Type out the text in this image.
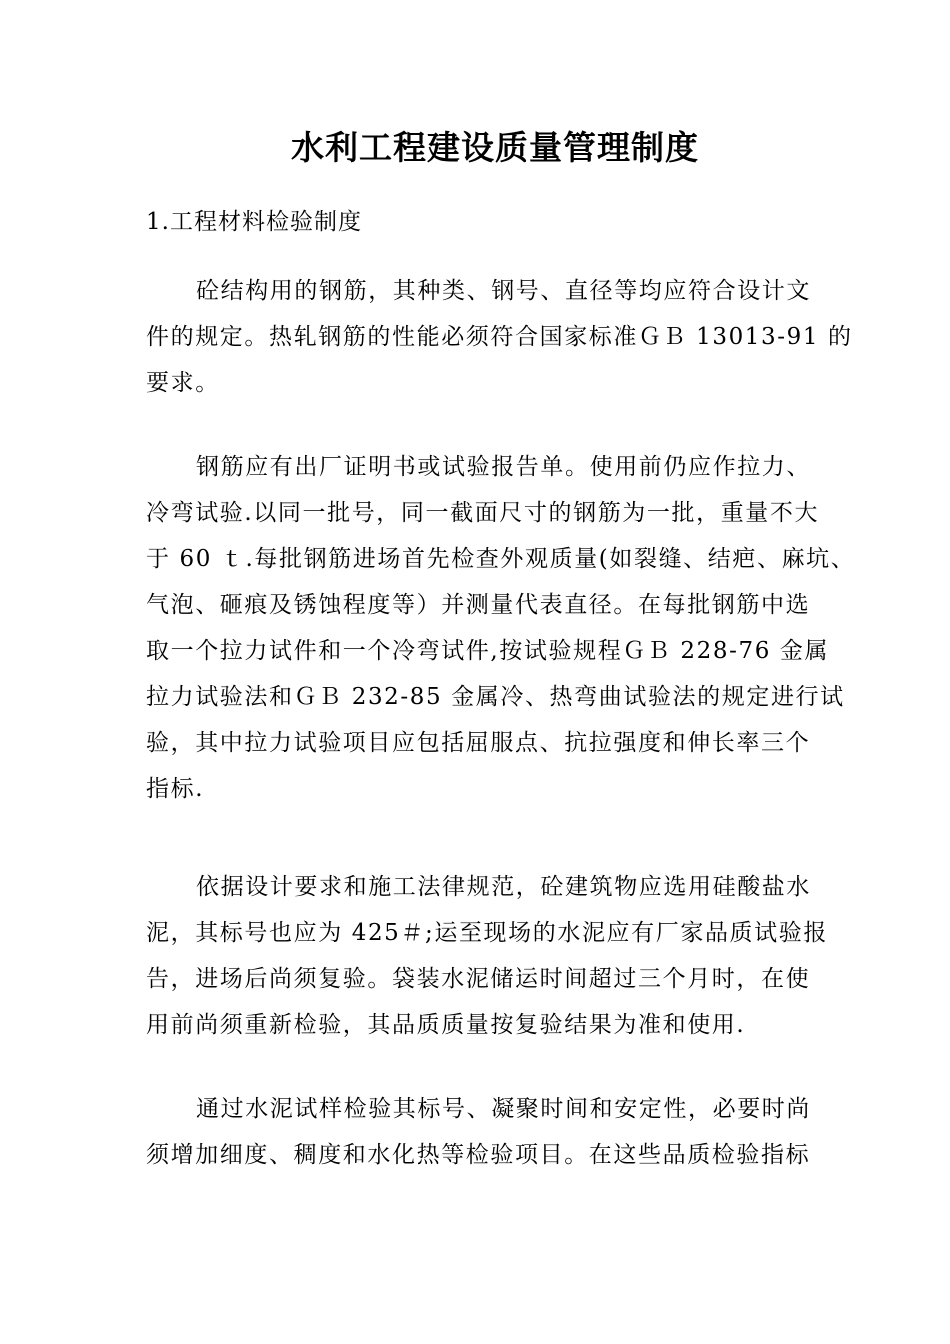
水利工程建设质量管理制度

1.工程材料检验制度

砼结构用的钢筋，其种类、钢号、直径等均应符合设计文
件的规定。热轧钢筋的性能必须符合国家标准ＧＢ 13013-91 的
要求。

钢筋应有出厂证明书或试验报告单。使用前仍应作拉力、
冷弯试验.以同一批号，同一截面尺寸的钢筋为一批，重量不大
于 60 ｔ.每批钢筋进场首先检查外观质量(如裂缝、结疤、麻坑、
气泡、砸痕及锈蚀程度等）并测量代表直径。在每批钢筋中选
取一个拉力试件和一个冷弯试件,按试验规程ＧＢ 228-76 金属
拉力试验法和ＧＢ 232-85 金属冷、热弯曲试验法的规定进行试
验，其中拉力试验项目应包括屈服点、抗拉强度和伸长率三个
指标.

依据设计要求和施工法律规范，砼建筑物应选用硅酸盐水
泥，其标号也应为 425＃;运至现场的水泥应有厂家品质试验报
告，进场后尚须复验。袋装水泥储运时间超过三个月时，在使
用前尚须重新检验，其品质质量按复验结果为准和使用.

通过水泥试样检验其标号、凝聚时间和安定性，必要时尚
须增加细度、稠度和水化热等检验项目。在这些品质检验指标
